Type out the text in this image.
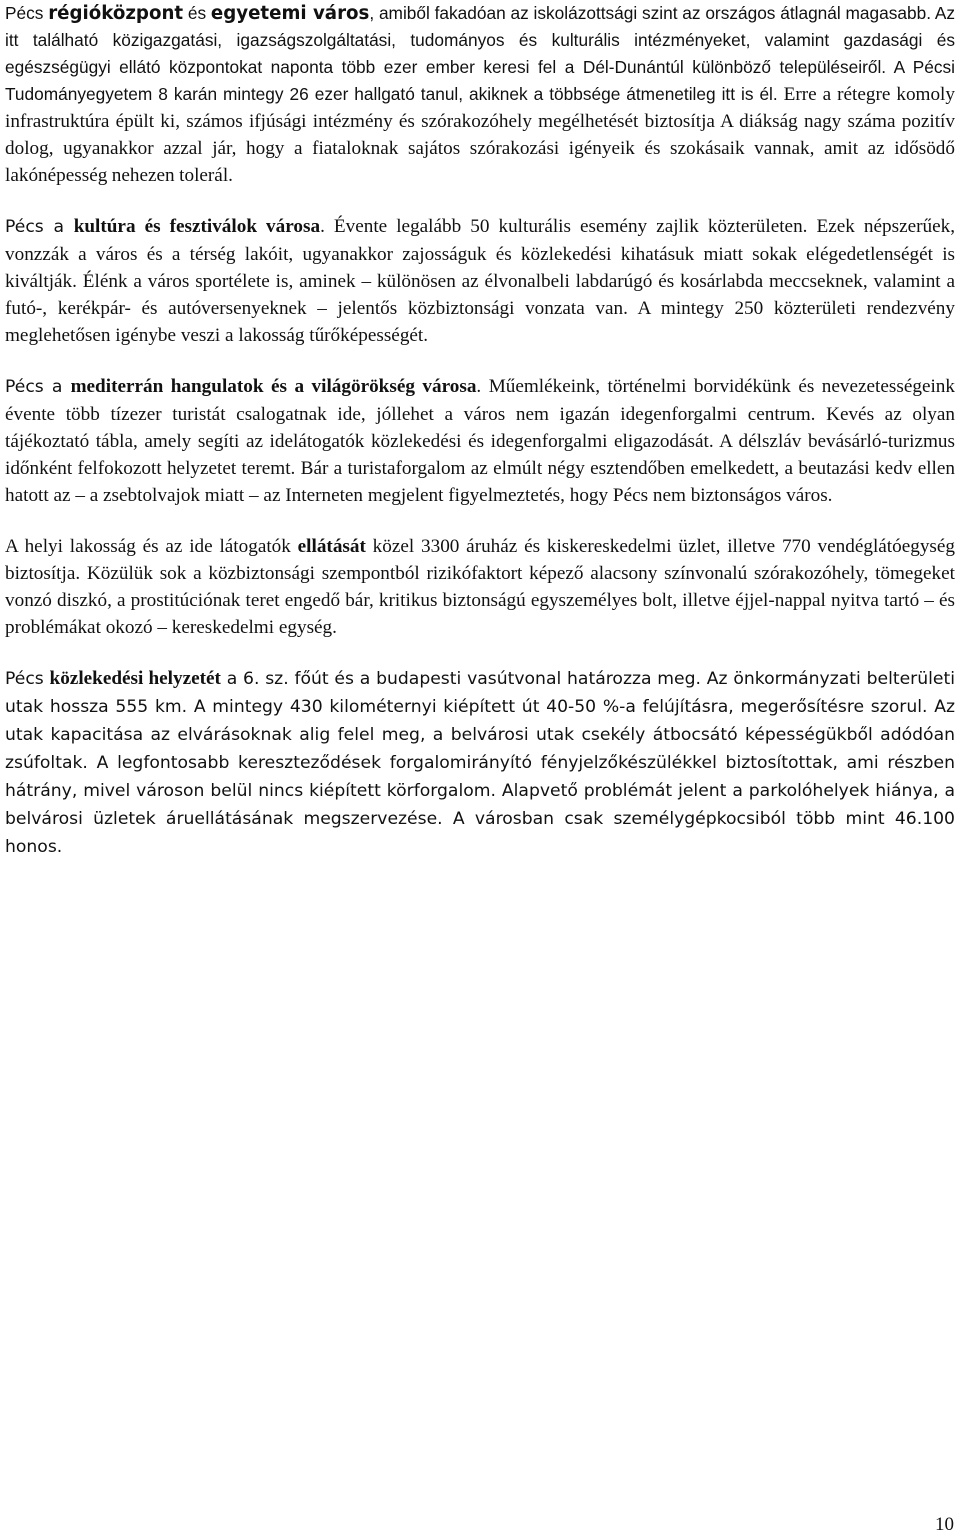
Pécs régióközpont és egyetemi város, amiből fakadóan az iskolázottsági szint az országos átlagnál magasabb. Az itt található közigazgatási, igazságszolgáltatási, tudományos és kulturális intézményeket, valamint gazdasági és egészségügyi ellátó központokat naponta több ezer ember keresi fel a Dél-Dunántúl különböző településeiről. A Pécsi Tudományegyetem 8 karán mintegy 26 ezer hallgató tanul, akiknek a többsége átmenetileg itt is él. Erre a rétegre komoly infrastruktúra épült ki, számos ifjúsági intézmény és szórakozóhely megélhetését biztosítja A diákság nagy száma pozitív dolog, ugyanakkor azzal jár, hogy a fiataloknak sajátos szórakozási igényeik és szokásaik vannak, amit az idősödő lakónépesség nehezen tolerál.

Pécs a kultúra és fesztiválok városa. Évente legalább 50 kulturális esemény zajlik közterületen. Ezek népszerűek, vonzzák a város és a térség lakóit, ugyanakkor zajosságuk és közlekedési kihatásuk miatt sokak elégedetlenségét is kiváltják. Élénk a város sportélete is, aminek – különösen az élvonalbeli labdarúgó és kosárlabda meccseknek, valamint a futó-, kerékpár- és autóversenyeknek – jelentős közbiztonsági vonzata van. A mintegy 250 közterületi rendezvény meglehetősen igénybe veszi a lakosság tűrőképességét.

Pécs a mediterrán hangulatok és a világörökség városa. Műemlékeink, történelmi borvidékünk és nevezetességeink évente több tízezer turistát csalogatnak ide, jóllehet a város nem igazán idegenforgalmi centrum. Kevés az olyan tájékoztató tábla, amely segíti az idelátogatók közlekedési és idegenforgalmi eligazodását. A délszláv bevásárló-turizmus időnként felfokozott helyzetet teremt. Bár a turistaforgalom az elmúlt négy esztendőben emelkedett, a beutazási kedv ellen hatott az – a zsebtolvajok miatt – az Interneten megjelent figyelmeztetés, hogy Pécs nem biztonságos város.

A helyi lakosság és az ide látogatók ellátását közel 3300 áruház és kiskereskedelmi üzlet, illetve 770 vendéglátóegység biztosítja. Közülük sok a közbiztonsági szempontból rizikófaktort képező alacsony színvonalú szórakozóhely, tömegeket vonzó diszkó, a prostitúciónak teret engedő bár, kritikus biztonságú egyszemélyes bolt, illetve éjjel-nappal nyitva tartó – és problémákat okozó – kereskedelmi egység.

Pécs közlekedési helyzetét a 6. sz. főút és a budapesti vasútvonal határozza meg. Az önkormányzati belterületi utak hossza 555 km. A mintegy 430 kilométernyi kiépített út 40-50 %-a felújításra, megerősítésre szorul. Az utak kapacitása az elvárásoknak alig felel meg, a belvárosi utak csekély átbocsátó képességükből adódóan zsúfoltak. A legfontosabb kereszteződések forgalomirányító fényjelzőkészülékkel biztosítottak, ami részben hátrány, mivel városon belül nincs kiépített körforgalom. Alapvető problémát jelent a parkolóhelyek hiánya, a belvárosi üzletek áruellátásának megszervezése. A városban csak személygépkocsiból több mint 46.100 honos.

10
